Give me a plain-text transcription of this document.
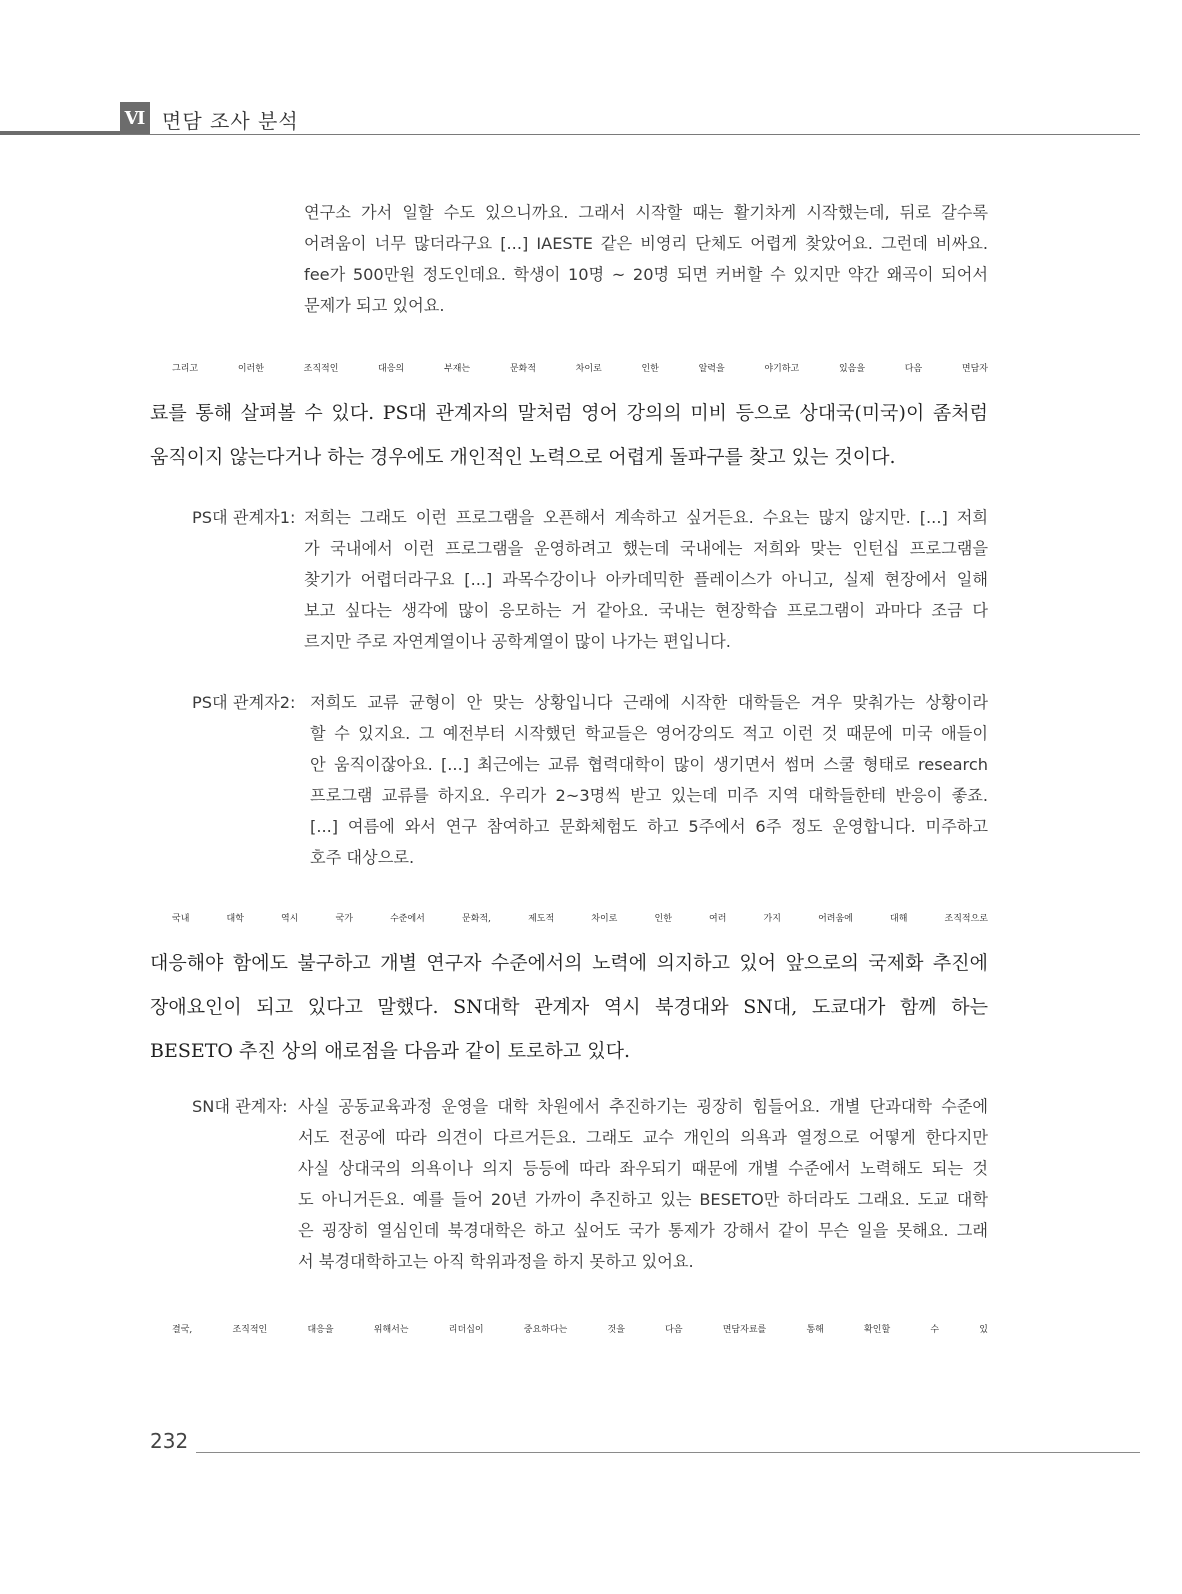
Ⅵ 면담 조사 분석
연구소 가서 일할 수도 있으니까요. 그래서 시작할 때는 활기차게 시작했는데, 뒤로 갈수록
어려움이 너무 많더라구요 [...] IAESTE 같은 비영리 단체도 어렵게 찾았어요. 그런데 비싸요.
fee가 500만원 정도인데요. 학생이 10명 ~ 20명 되면 커버할 수 있지만 약간 왜곡이 되어서
문제가 되고 있어요.
그리고 이러한 조직적인 대응의 부재는 문화적 차이로 인한 알력을 야기하고 있음을 다음 면담자
료를 통해 살펴볼 수 있다. PS대 관계자의 말처럼 영어 강의의 미비 등으로 상대국(미국)이 좀처럼
움직이지 않는다거나 하는 경우에도 개인적인 노력으로 어렵게 돌파구를 찾고 있는 것이다.
PS대 관계자1: 저희는 그래도 이런 프로그램을 오픈해서 계속하고 싶거든요. 수요는 많지 않지만. [...] 저희
가 국내에서 이런 프로그램을 운영하려고 했는데 국내에는 저희와 맞는 인턴십 프로그램을
찾기가 어렵더라구요 [...] 과목수강이나 아카데믹한 플레이스가 아니고, 실제 현장에서 일해
보고 싶다는 생각에 많이 응모하는 거 같아요. 국내는 현장학습 프로그램이 과마다 조금 다
르지만 주로 자연계열이나 공학계열이 많이 나가는 편입니다.
PS대 관계자2: 저희도 교류 균형이 안 맞는 상황입니다 근래에 시작한 대학들은 겨우 맞춰가는 상황이라
할 수 있지요. 그 예전부터 시작했던 학교들은 영어강의도 적고 이런 것 때문에 미국 애들이
안 움직이잖아요. [...] 최근에는 교류 협력대학이 많이 생기면서 썸머 스쿨 형태로 research
프로그램 교류를 하지요. 우리가 2~3명씩 받고 있는데 미주 지역 대학들한테 반응이 좋죠.
[...] 여름에 와서 연구 참여하고 문화체험도 하고 5주에서 6주 정도 운영합니다. 미주하고
호주 대상으로.
국내 대학 역시 국가 수준에서 문화적, 제도적 차이로 인한 여러 가지 어려움에 대해 조직적으로
대응해야 함에도 불구하고 개별 연구자 수준에서의 노력에 의지하고 있어 앞으로의 국제화 추진에
장애요인이 되고 있다고 말했다. SN대학 관계자 역시 북경대와 SN대, 도쿄대가 함께 하는
BESETO 추진 상의 애로점을 다음과 같이 토로하고 있다.
SN대 관계자: 사실 공동교육과정 운영을 대학 차원에서 추진하기는 굉장히 힘들어요. 개별 단과대학 수준에
서도 전공에 따라 의견이 다르거든요. 그래도 교수 개인의 의욕과 열정으로 어떻게 한다지만
사실 상대국의 의욕이나 의지 등등에 따라 좌우되기 때문에 개별 수준에서 노력해도 되는 것
도 아니거든요. 예를 들어 20년 가까이 추진하고 있는 BESETO만 하더라도 그래요. 도교 대학
은 굉장히 열심인데 북경대학은 하고 싶어도 국가 통제가 강해서 같이 무슨 일을 못해요. 그래
서 북경대학하고는 아직 학위과정을 하지 못하고 있어요.
결국, 조직적인 대응을 위해서는 리더십이 중요하다는 것을 다음 면담자료를 통해 확인할 수 있
232
